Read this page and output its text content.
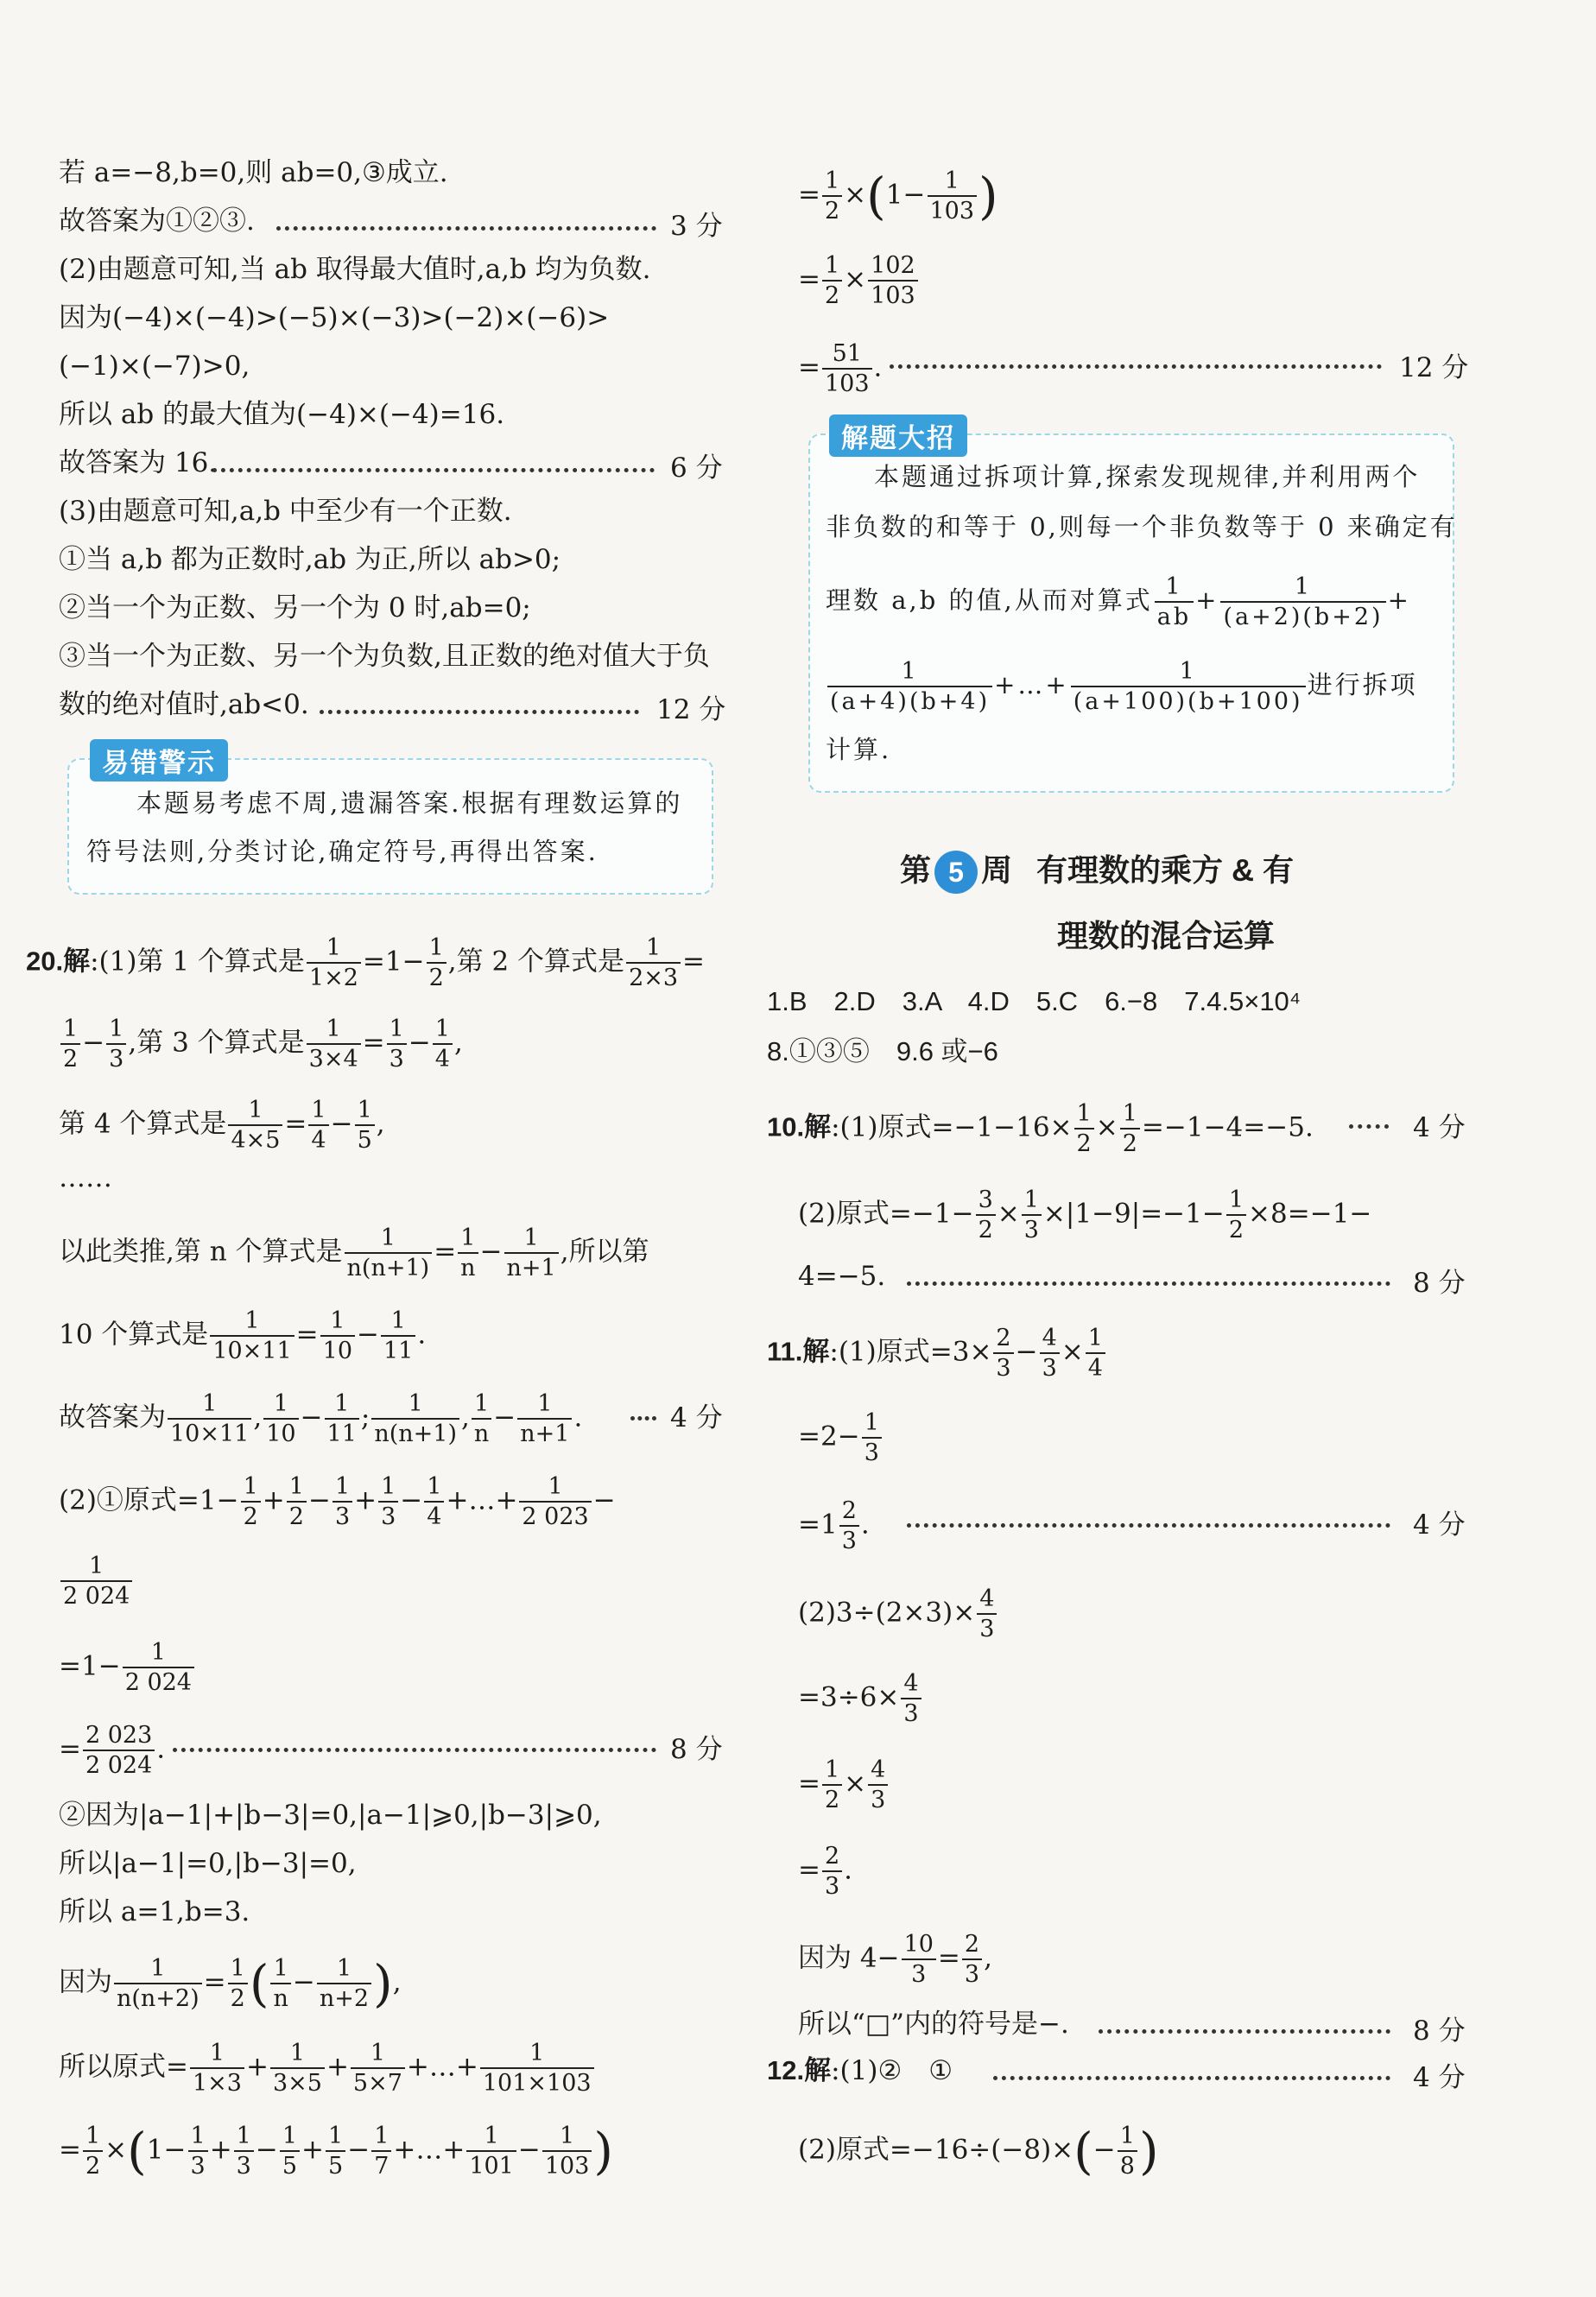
若 a=−8,b=0,则 ab=0,③成立.
故答案为①②③.	3 分
(2)由题意可知,当 ab 取得最大值时,a,b 均为负数.
因为(−4)×(−4)>(−5)×(−3)>(−2)×(−6)>
(−1)×(−7)>0,
所以 ab 的最大值为(−4)×(−4)=16.
故答案为 16.	6 分
(3)由题意可知,a,b 中至少有一个正数.
①当 a,b 都为正数时,ab 为正,所以 ab>0;
②当一个为正数、另一个为 0 时,ab=0;
③当一个为正数、另一个为负数,且正数的绝对值大于负
数的绝对值时,ab<0.	12 分
易错警示
本题易考虑不周,遗漏答案.根据有理数运算的
符号法则,分类讨论,确定符号,再得出答案.
20.解:(1)第 1 个算式是 $\frac{1}{1\times 2} =1- \frac{1}{2}$ ,第 2 个算式是 $\frac{1}{2\times 3}$ =
$\frac{1}{2} - \frac{1}{3}$ ,第 3 个算式是 $\frac{1}{3\times 4} = \frac{1}{3} - \frac{1}{4}$ ,
第 4 个算式是 $\frac{1}{4\times 5} = \frac{1}{4} - \frac{1}{5}$ ,
……
以此类推,第 n 个算式是 $\frac{1}{n(n+1)} = \frac{1}{n} - \frac{1}{n+1}$ ,所以第
10 个算式是 $\frac{1}{10\times 11} = \frac{1}{10} - \frac{1}{11}$ .
故答案为 $\frac{1}{10\times 11}$ , $\frac{1}{10} - \frac{1}{11}$ ; $\frac{1}{n(n+1)}$ , $\frac{1}{n} - \frac{1}{n+1}$ .	4 分
(2)①原式$=1- \frac{1}{2} + \frac{1}{2} - \frac{1}{3} + \frac{1}{3} - \frac{1}{4}$ +…+ $\frac{1}{2 023}$ −
$\frac{1}{2 024}$
$=1- \frac{1}{2 024}$
= $\frac{2 023}{2 024}$ .	8 分
②因为|a−1|+|b−3|=0,|a−1|⩾0,|b−3|⩾0,
所以|a−1|=0,|b−3|=0,
所以 a=1,b=3.
因为 $\frac{1}{n(n+2)} = \frac{1}{2}$ ( $\frac{1}{n} - \frac{1}{n+2}$ ),
所以原式= $\frac{1}{1\times 3} + \frac{1}{3\times 5} + \frac{1}{5\times 7}$ +…+ $\frac{1}{101\times 103}$
= $\frac{1}{2} \times(1- \frac{1}{3} + \frac{1}{3} - \frac{1}{5} + \frac{1}{5} - \frac{1}{7}$ +…+ $\frac{1}{101} - \frac{1}{103}$ )
= $\frac{1}{2} \times(1- \frac{1}{103}$ )
= $\frac{1}{2} \times \frac{102}{103}$
= $\frac{51}{103}$ .	12 分
解题大招
本题通过拆项计算,探索发现规律,并利用两个
非负数的和等于 0,则每一个非负数等于 0 来确定有
理数 a,b 的值,从而对算式 $\frac{1}{ab} + \frac{1}{(a+2)(b+2)}$ +
$\frac{1}{(a+4)(b+4)}$ +…+ $\frac{1}{(a+100)(b+100)}$ 进行拆项
计算.
第 5 周 有理数的乘方 & 有
理数的混合运算
1.B　2.D　3.A　4.D　5.C　6.−8　7.4.5×10⁴
8.①③⑤　9.6 或−6
10.解:(1)原式$=-1-16\times \frac{1}{2} \times \frac{1}{2} =-1-4=-5$.	4 分
(2)原式$=-1- \frac{3}{2} \times \frac{1}{3} \times|1-9|=-1- \frac{1}{2} \times 8=-1-$
4=−5.	8 分
11.解:(1)原式$=3\times \frac{2}{3} - \frac{4}{3} \times \frac{1}{4}$
$=2- \frac{1}{3}$
$=1 \frac{2}{3}$ .	4 分
$(2)3\div(2\times 3)\times \frac{4}{3}$
$=3\div 6\times \frac{4}{3}$
= $\frac{1}{2} \times \frac{4}{3}$
= $\frac{2}{3}$ .
因为 $4- \frac{10}{3} = \frac{2}{3}$ ,
所以“□”内的符号是−.	8 分
12.解:(1)②　①	4 分
(2)原式$=-16\div(-8)\times(- \frac{1}{8}$ )
